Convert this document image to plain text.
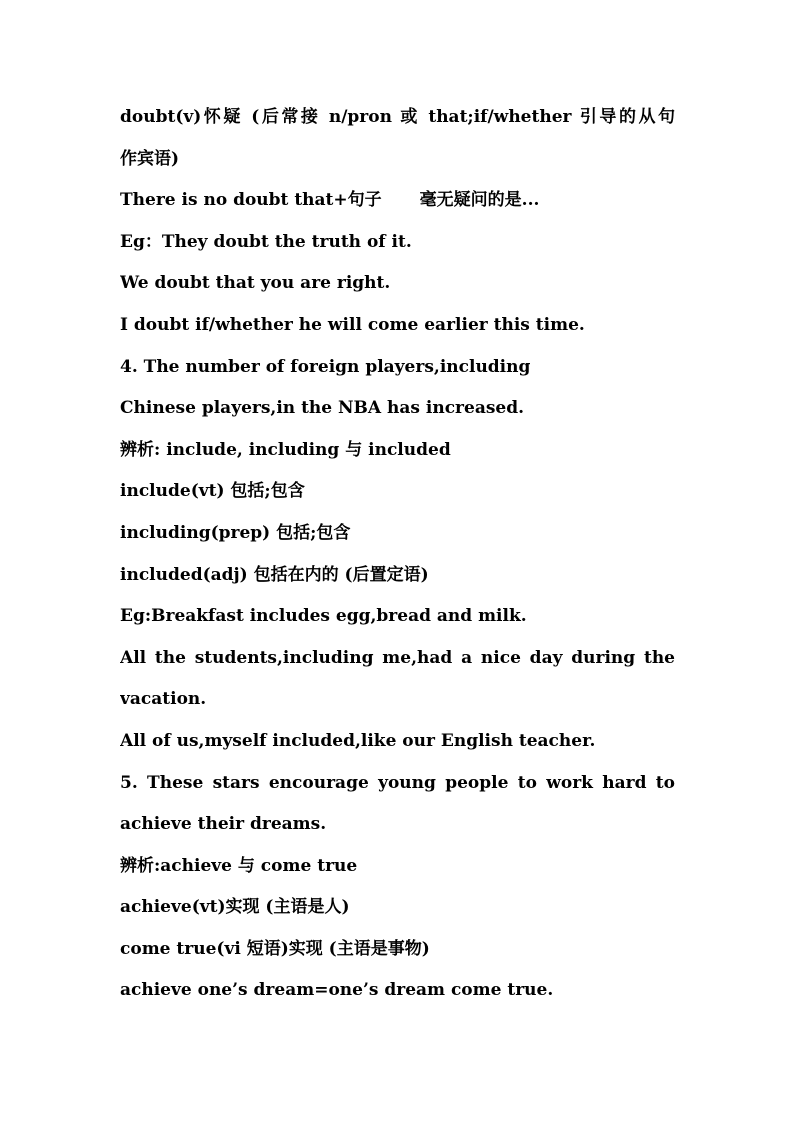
doubt(v)怀疑 (后常接 n/pron 或 that;if/whether 引导的从句
作宾语)
There is no doubt that+句子 毫无疑问的是...
Eg：They doubt the truth of it.
We doubt that you are right.
I doubt if/whether he will come earlier this time.
4. The number of foreign players,including
Chinese players,in the NBA has increased.
辨析: include, including 与 included
include(vt) 包括;包含
including(prep) 包括;包含
included(adj) 包括在内的 (后置定语)
Eg:Breakfast includes egg,bread and milk.
All the students,including me,had a nice day during the
vacation.
All of us,myself included,like our English teacher.
5. These stars encourage young people to work hard to
achieve their dreams.
辨析:achieve 与 come true
achieve(vt)实现 (主语是人)
come true(vi 短语)实现 (主语是事物)
achieve one’s dream=one’s dream come true.
